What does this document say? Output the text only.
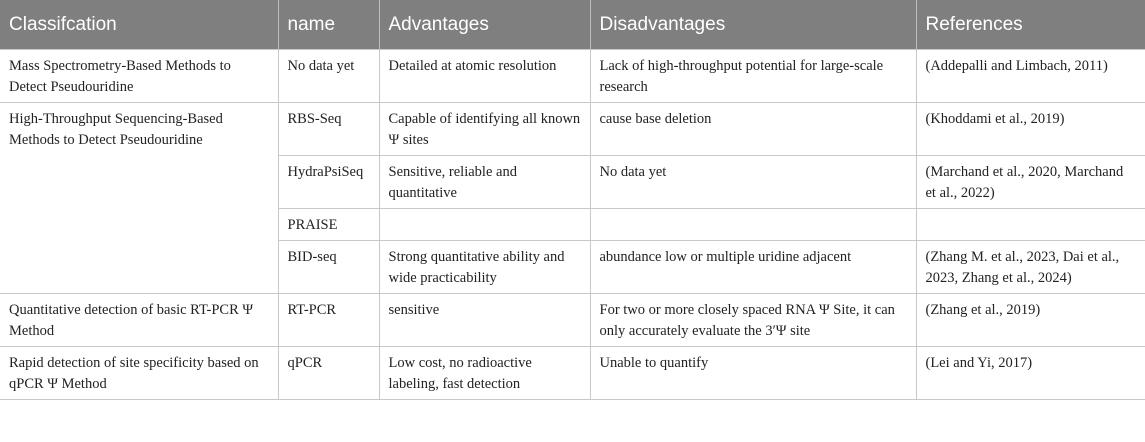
Classifcation	name	Advantages	Disadvantages	References
Mass Spectrometry-Based Methods to Detect Pseudouridine	No data yet	Detailed at atomic resolution	Lack of high-throughput potential for large-scale research	(Addepalli and Limbach, 2011)
High-Throughput Sequencing-Based Methods to Detect Pseudouridine	RBS-Seq	Capable of identifying all known Ψ sites	cause base deletion	(Khoddami et al., 2019)
	HydraPsiSeq	Sensitive, reliable and quantitative	No data yet	(Marchand et al., 2020, Marchand et al., 2022)
	PRAISE			
	BID-seq	Strong quantitative ability and wide practicability	abundance low or multiple uridine adjacent	(Zhang M. et al., 2023, Dai et al., 2023, Zhang et al., 2024)
Quantitative detection of basic RT-PCR Ψ Method	RT-PCR	sensitive	For two or more closely spaced RNA Ψ Site, it can only accurately evaluate the 3′Ψ site	(Zhang et al., 2019)
Rapid detection of site specificity based on qPCR Ψ Method	qPCR	Low cost, no radioactive labeling, fast detection	Unable to quantify	(Lei and Yi, 2017)
